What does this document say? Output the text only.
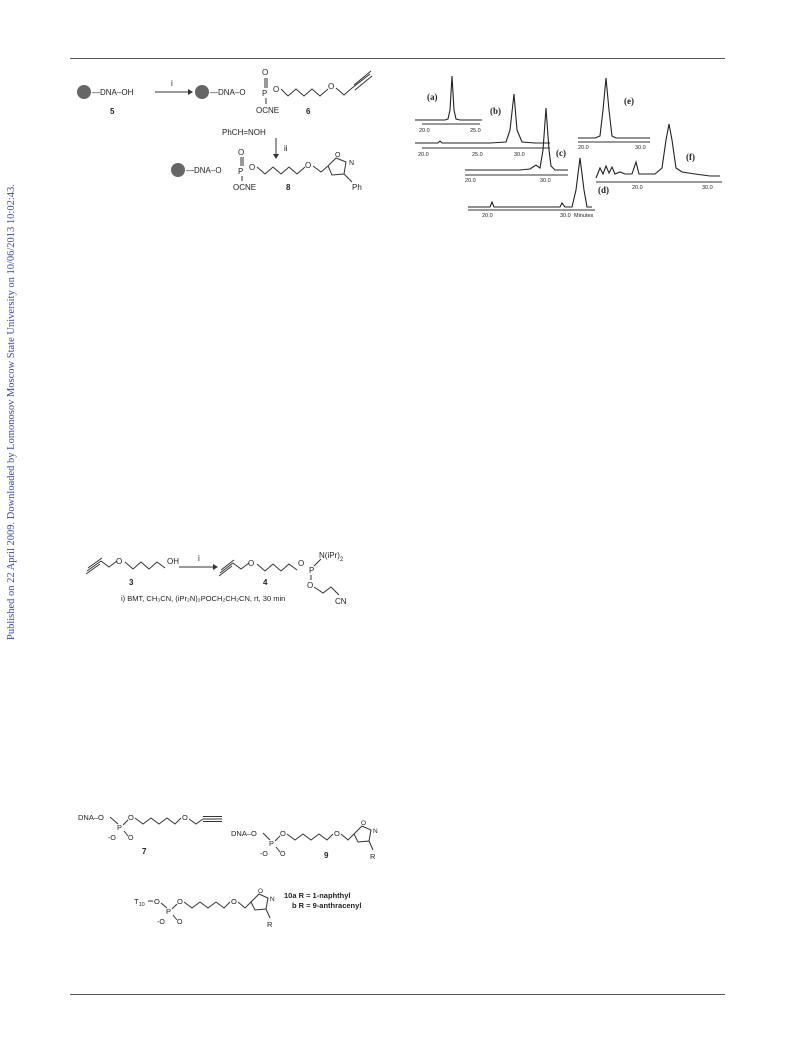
Published on 22 April 2009. Downloaded by Lomonosov Moscow State University on 10/06/2013 10:02:43.
—DNA–OH
5
i
—DNA–O P
O
OCNE
O	O
6
PhCH=NOH
ii
—DNA–O P
O
OCNE
O	O
O
N
Ph
8
(a)
20.0	25.0
(b)
20.0	25.0	30.0	(c)
20.0	30.0
(d)
20.0	30.0 Minutes
(e)
20.0	30.0
(f)
20.0	30.0
O	OH
3
i
O	O
P
$N(iPr)_2$
O
CN
4
i) BMT, CH₃CN, (iPr₂N)₂POCH₂CH₂CN, rt, 30 min
DNA–O
P
-O O
O	O
7
DNA–O
P
-O O
O	O
O
N
R
9
$T_{10}$ O
P
-O O
O	O
O
N
R
10a R = 1-naphthyl
b R = 9-anthracenyl
